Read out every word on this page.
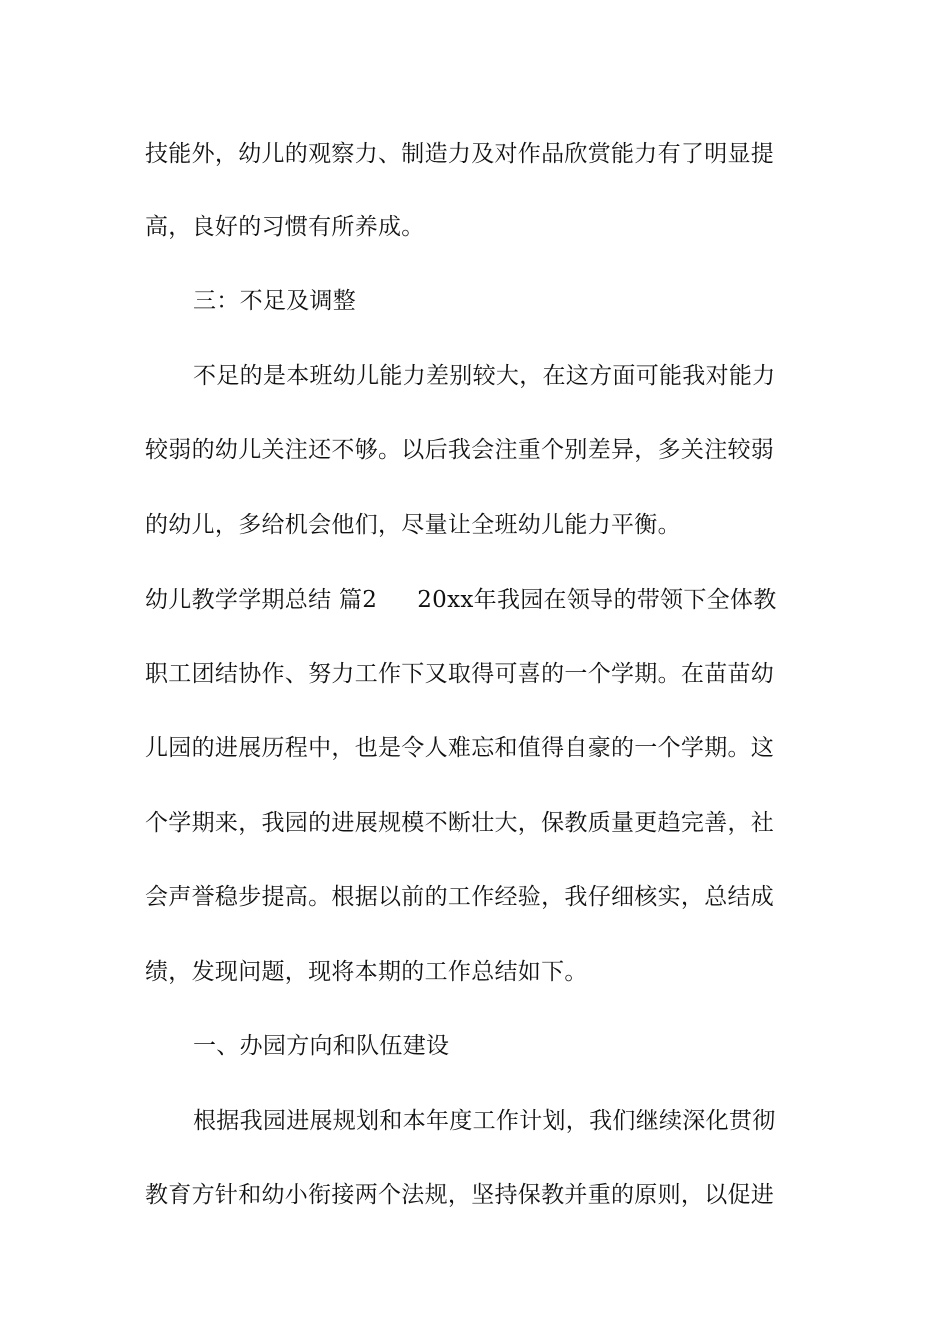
技能外，幼儿的观察力、制造力及对作品欣赏能力有了明显提
高，良好的习惯有所养成。
三：不足及调整
不足的是本班幼儿能力差别较大，在这方面可能我对能力
较弱的幼儿关注还不够。以后我会注重个别差异，多关注较弱
的幼儿，多给机会他们，尽量让全班幼儿能力平衡。
幼儿教学学期总结 篇2 20xx年我园在领导的带领下全体教
职工团结协作、努力工作下又取得可喜的一个学期。在苗苗幼
儿园的进展历程中，也是令人难忘和值得自豪的一个学期。这
个学期来，我园的进展规模不断壮大，保教质量更趋完善，社
会声誉稳步提高。根据以前的工作经验，我仔细核实，总结成
绩，发现问题，现将本期的工作总结如下。
一、办园方向和队伍建设
根据我园进展规划和本年度工作计划，我们继续深化贯彻
教育方针和幼小衔接两个法规，坚持保教并重的原则，以促进
